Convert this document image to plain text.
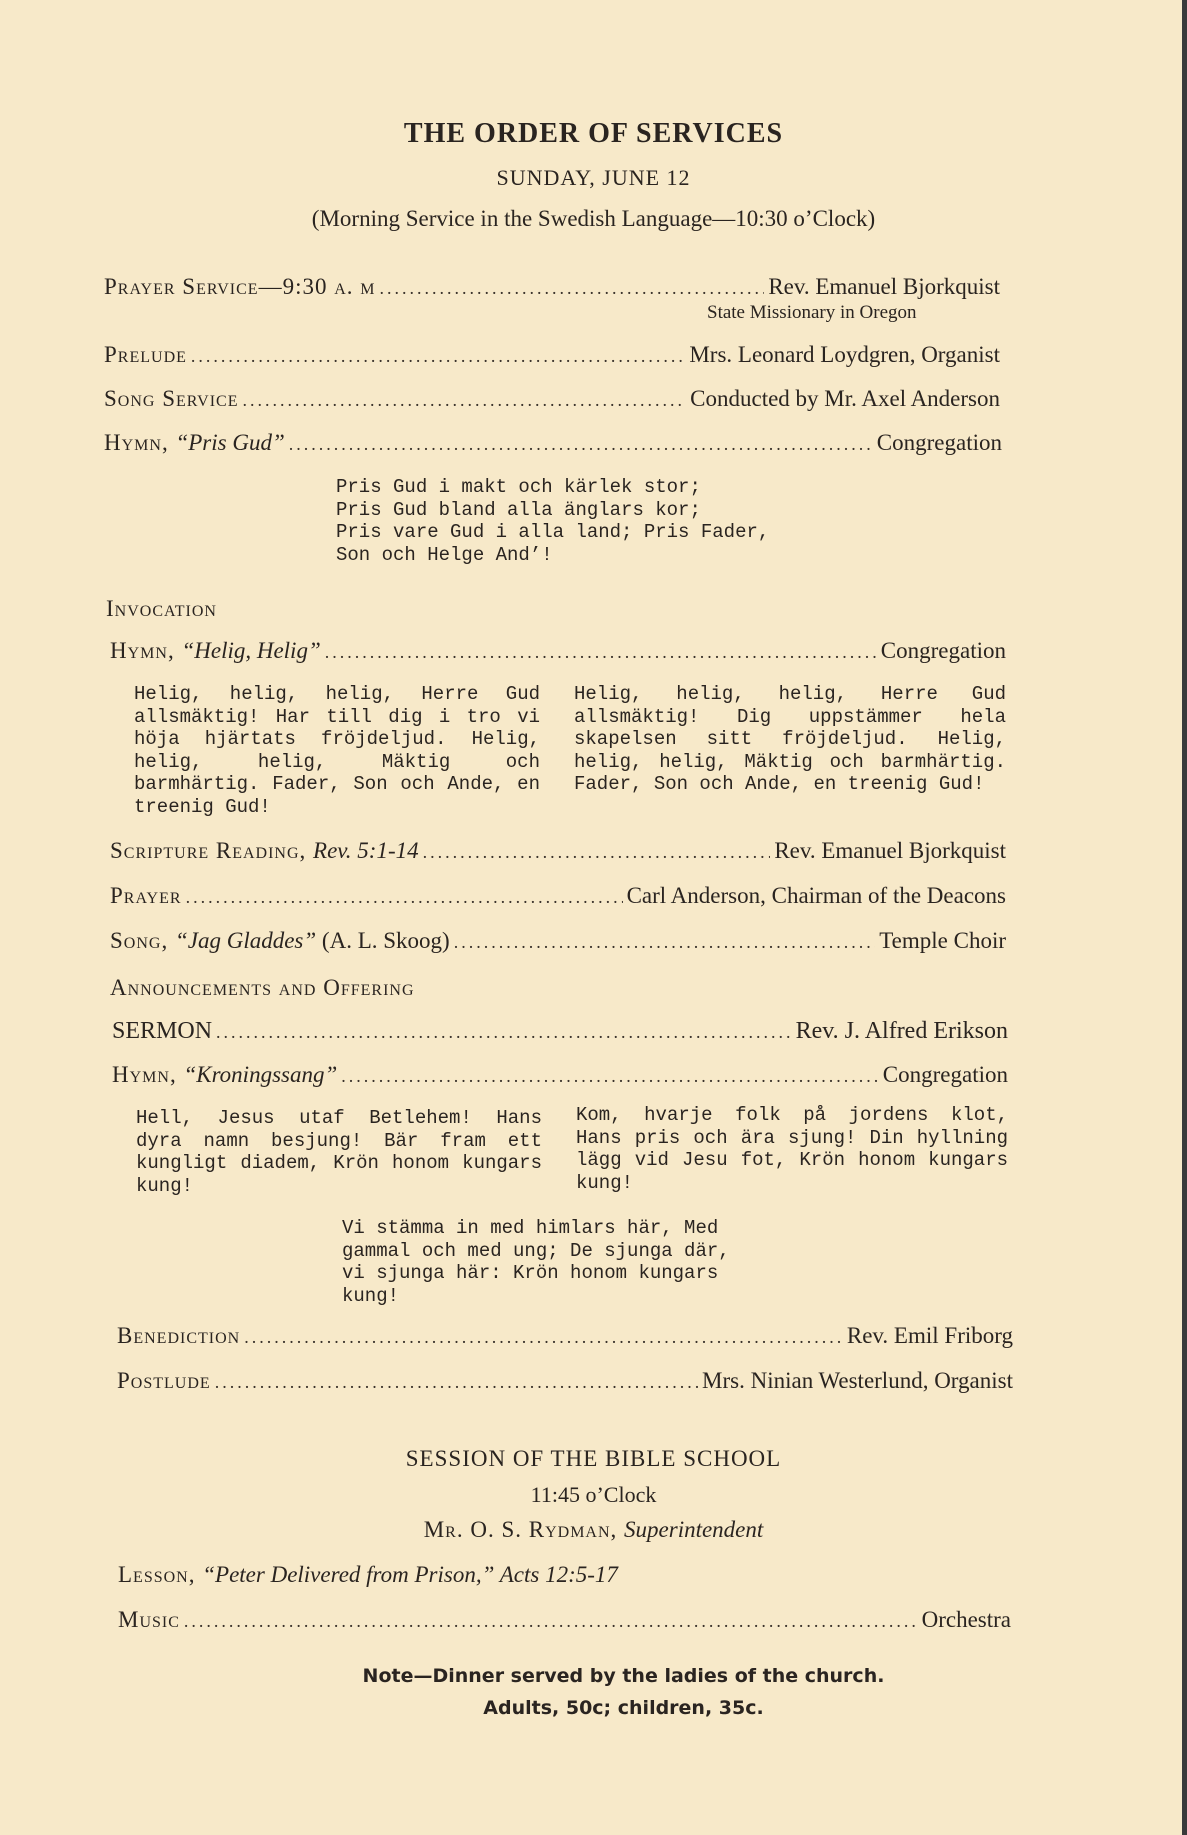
THE ORDER OF SERVICES
SUNDAY, JUNE 12
(Morning Service in the Swedish Language—10:30 o’Clock)
Prayer Service—9:30 a. m .....	Rev. Emanuel Bjorkquist
State Missionary in Oregon
Prelude .....	Mrs. Leonard Loydgren, Organist
Song Service .....	Conducted by Mr. Axel Anderson
Hymn, “Pris Gud” .....	Congregation
Pris Gud i makt och kärlek stor;
Pris Gud bland alla änglars kor;
Pris vare Gud i alla land; Pris Fader,
Son och Helge And’!
Invocation
Hymn, “Helig, Helig” .....	Congregation
Helig, helig, helig, Herre Gud allsmäktig! Har till dig i tro vi höja hjärtats fröjdeljud. Helig, helig, helig, Mäktig och barmhärtig. Fader, Son och Ande, en treenig Gud!
Helig, helig, helig, Herre Gud allsmäktig! Dig uppstämmer hela skapelsen sitt fröjdeljud. Helig, helig, helig, Mäktig och barmhärtig. Fader, Son och Ande, en treenig Gud!
Scripture Reading, Rev. 5:1-14 .....	Rev. Emanuel Bjorkquist
Prayer .....	Carl Anderson, Chairman of the Deacons
Song, “Jag Gladdes” (A. L. Skoog) .....	Temple Choir
Announcements and Offering
SERMON .....	Rev. J. Alfred Erikson
Hymn, “Kroningssang” .....	Congregation
Hell, Jesus utaf Betlehem! Hans dyra namn besjung! Bär fram ett kungligt diadem, Krön honom kungars kung!
Kom, hvarje folk på jordens klot, Hans pris och ära sjung! Din hyllning lägg vid Jesu fot, Krön honom kungars kung!
Vi stämma in med himlars här, Med
gammal och med ung; De sjunga där,
vi sjunga här: Krön honom kungars
kung!
Benediction .....	Rev. Emil Friborg
Postlude .....	Mrs. Ninian Westerlund, Organist
SESSION OF THE BIBLE SCHOOL
11:45 o’Clock
Mr. O. S. Rydman, Superintendent
Lesson, “Peter Delivered from Prison,” Acts 12:5-17
Music .....	Orchestra
Note—Dinner served by the ladies of the church.
Adults, 50c; children, 35c.
